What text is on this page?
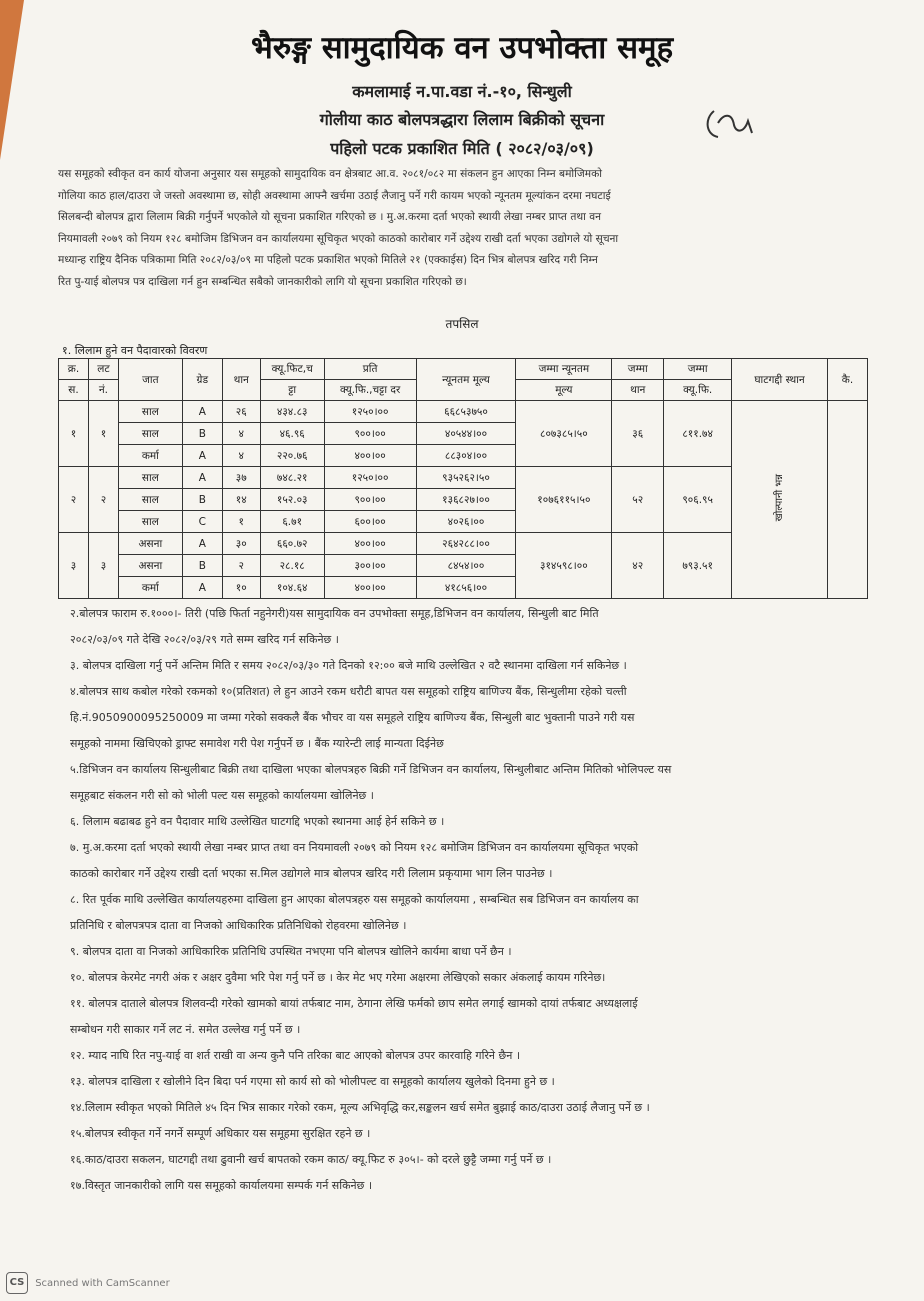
भैरुङ्ग सामुदायिक वन उपभोक्ता समूह
कमलामाई न.पा.वडा नं.-१०, सिन्धुली
गोलीया काठ बोलपत्रद्धारा लिलाम बिक्रीको सूचना
पहिलो पटक प्रकाशित मिति ( २०८२/०३/०९)
यस समूहको स्वीकृत वन कार्य योजना अनुसार यस समूहको सामुदायिक वन क्षेत्रबाट आ.व. २०८१/०८२ मा संकलन हुन आएका निम्न बमोजिमको
गोलिया काठ हाल/दाउरा जे जस्तो अवस्थामा छ, सोही अवस्थामा आफ्नै खर्चमा उठाई लैजानु पर्ने गरी कायम भएको न्यूनतम मूल्यांकन दरमा नघटाई
सिलबन्दी बोलपत्र द्वारा लिलाम बिक्री गर्नुपर्ने भएकोले यो सूचना प्रकाशित गरिएको छ । मु.अ.करमा दर्ता भएको स्थायी लेखा नम्बर प्राप्त तथा वन
नियमावली २०७९ को नियम १२८ बमोजिम डिभिजन वन कार्यालयमा सूचिकृत भएको काठको कारोबार गर्ने उद्देश्य राखी दर्ता भएका उद्योगले यो सूचना
मध्यान्ह राष्ट्रिय दैनिक पत्रिकामा मिति २०८२/०३/०९ मा पहिलो पटक प्रकाशित भएको मितिले २१ (एक्काईस) दिन भित्र बोलपत्र खरिद गरी निम्न
रित पु-याई बोलपत्र पत्र दाखिला गर्न हुन सम्बन्धित सबैको जानकारीको लागि यो सूचना प्रकाशित गरिएको छ।
तपसिल
१. लिलाम हुने वन पैदावारको विवरण
क्र.	लट	जात	ग्रेड	थान	क्यू.फिट,च	प्रति	न्यूनतम मूल्य	जम्मा न्यूनतम	जम्मा	जम्मा	घाटगद्दी स्थान	कै.
स.	नं.				ट्टा	क्यू.फि.,चट्टा दर		मूल्य	थान	क्यू.फि.		
१	१	साल	A	२६	४३४.८३	१२५०।००	६६८५३७५०	८०७३८५।५०	३६	८११.७४	खोल्पानी भन्न	
		साल	B	४	४६.९६	९००।००	४०५४४।००					
		कर्मा	A	४	२२०.७६	४००।००	८८३०४।००					
२	२	साल	A	३७	७४८.२१	१२५०।००	९३५२६२।५०	१०७६११५।५०	५२	९०६.९५		
		साल	B	१४	१५२.०३	९००।००	१३६८२७।००					
		साल	C	१	६.७१	६००।००	४०२६।००					
३	३	असना	A	३०	६६०.७२	४००।००	२६४२८८।००	३१४५९८।००	४२	७९३.५१		
		असना	B	२	२८.१८	३००।००	८४५४।००					
		कर्मा	A	१०	१०४.६४	४००।००	४१८५६।००					
२.बोलपत्र फाराम रु.१०००।- तिरी (पछि फिर्ता नहुनेगरी)यस सामुदायिक वन उपभोक्ता समूह,डिभिजन वन कार्यालय, सिन्धुली बाट मिति
२०८२/०३/०९ गते देखि २०८२/०३/२९ गते सम्म खरिद गर्न सकिनेछ ।
३. बोलपत्र दाखिला गर्नु पर्ने अन्तिम मिति र समय २०८२/०३/३० गते दिनको १२:०० बजे माथि उल्लेखित २ वटै स्थानमा दाखिला गर्न सकिनेछ ।
४.बोलपत्र साथ कबोल गरेको रकमको १०(प्रतिशत) ले हुन आउने रकम धरौटी बापत यस समूहको राष्ट्रिय बाणिज्य बैंक, सिन्धुलीमा रहेको चल्ती
हि.नं.9050900095250009 मा जम्मा गरेको सक्कलै बैंक भौचर वा यस समूहले राष्ट्रिय बाणिज्य बैंक, सिन्धुली बाट भुक्तानी पाउने गरी यस
समूहको नाममा खिचिएको ड्राफ्ट समावेश गरी पेश गर्नुपर्ने छ । बैंक ग्यारेन्टी लाई मान्यता दिईनेछ
५.डिभिजन वन कार्यालय सिन्धुलीबाट बिक्री तथा दाखिला भएका बोलपत्रहरु बिक्री गर्ने डिभिजन वन कार्यालय, सिन्धुलीबाट अन्तिम मितिको भोलिपल्ट यस
समूहबाट संकलन गरी सो को भोली पल्ट यस समूहको कार्यालयमा खोलिनेछ ।
६. लिलाम बढाबढ हुने वन पैदावार माथि उल्लेखित घाटगद्दि भएको स्थानमा आई हेर्न सकिने छ ।
७. मु.अ.करमा दर्ता भएको स्थायी लेखा नम्बर प्राप्त तथा वन नियमावली २०७९ को नियम १२८ बमोजिम डिभिजन वन कार्यालयमा सूचिकृत भएको
काठको कारोबार गर्ने उद्देश्य राखी दर्ता भएका स.मिल उद्योगले मात्र बोलपत्र खरिद गरी लिलाम प्रकृयामा भाग लिन पाउनेछ ।
८. रित पूर्वक माथि उल्लेखित कार्यालयहरुमा दाखिला हुन आएका बोलपत्रहरु यस समूहको कार्यालयमा , सम्बन्धित सब डिभिजन वन कार्यालय का
प्रतिनिधि र बोलपत्रपत्र दाता वा निजको आधिकारिक प्रतिनिधिको रोहवरमा खोलिनेछ ।
९. बोलपत्र दाता वा निजको आधिकारिक प्रतिनिधि उपस्थित नभएमा पनि बोलपत्र खोलिने कार्यमा बाधा पर्ने छैन ।
१०. बोलपत्र केरमेट नगरी अंक र अक्षर दुवैमा भरि पेश गर्नु पर्ने छ । केर मेट भए गरेमा अक्षरमा लेखिएको सकार अंकलाई कायम गरिनेछ।
११. बोलपत्र दाताले बोलपत्र शिलवन्दी गरेको खामको बायां तर्फबाट नाम, ठेगाना लेखि फर्मको छाप समेत लगाई खामको दायां तर्फबाट अध्यक्षलाई
सम्बोधन गरी साकार गर्ने लट नं. समेत उल्लेख गर्नु पर्ने छ ।
१२. म्याद नाघि रित नपु-याई वा शर्त राखी वा अन्य कुनै पनि तरिका बाट आएको बोलपत्र उपर कारवाहि गरिने छैन ।
१३. बोलपत्र दाखिला र खोलीने दिन बिदा पर्न गएमा सो कार्य सो को भोलीपल्ट वा समूहको कार्यालय खुलेको दिनमा हुने छ ।
१४.लिलाम स्वीकृत भएको मितिले ४५ दिन भित्र साकार गरेको रकम, मूल्य अभिवृद्धि कर,सङ्कलन खर्च समेत बुझाई काठ/दाउरा उठाई लैजानु पर्ने छ ।
१५.बोलपत्र स्वीकृत गर्ने नगर्ने सम्पूर्ण अधिकार यस समूहमा सुरक्षित रहने छ ।
१६.काठ/दाउरा सकलन, घाटगद्दी तथा ढुवानी खर्च बापतको रकम काठ/ क्यू.फिट रु ३०५।- को दरले छुट्टै जम्मा गर्नु पर्ने छ ।
१७.विस्तृत जानकारीको लागि यस समूहको कार्यालयमा सम्पर्क गर्न सकिनेछ ।
CS Scanned with CamScanner
